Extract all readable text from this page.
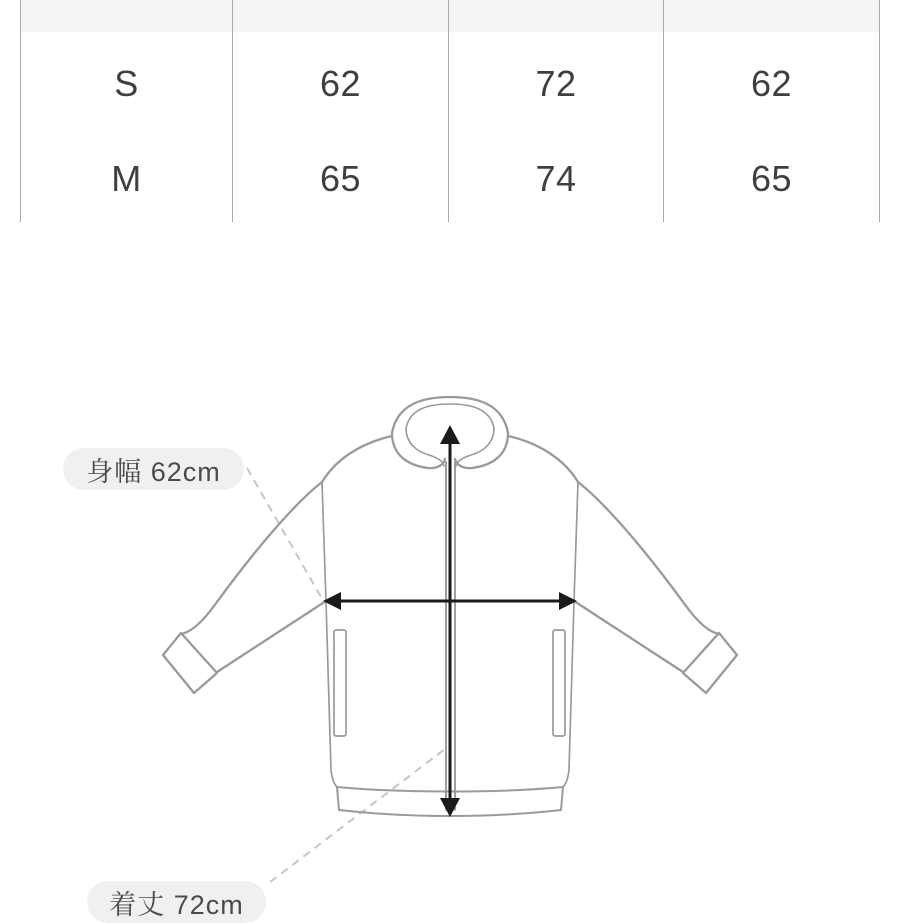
S	62	72	62
M	65	74	65
身幅 62cm
着丈 72cm
